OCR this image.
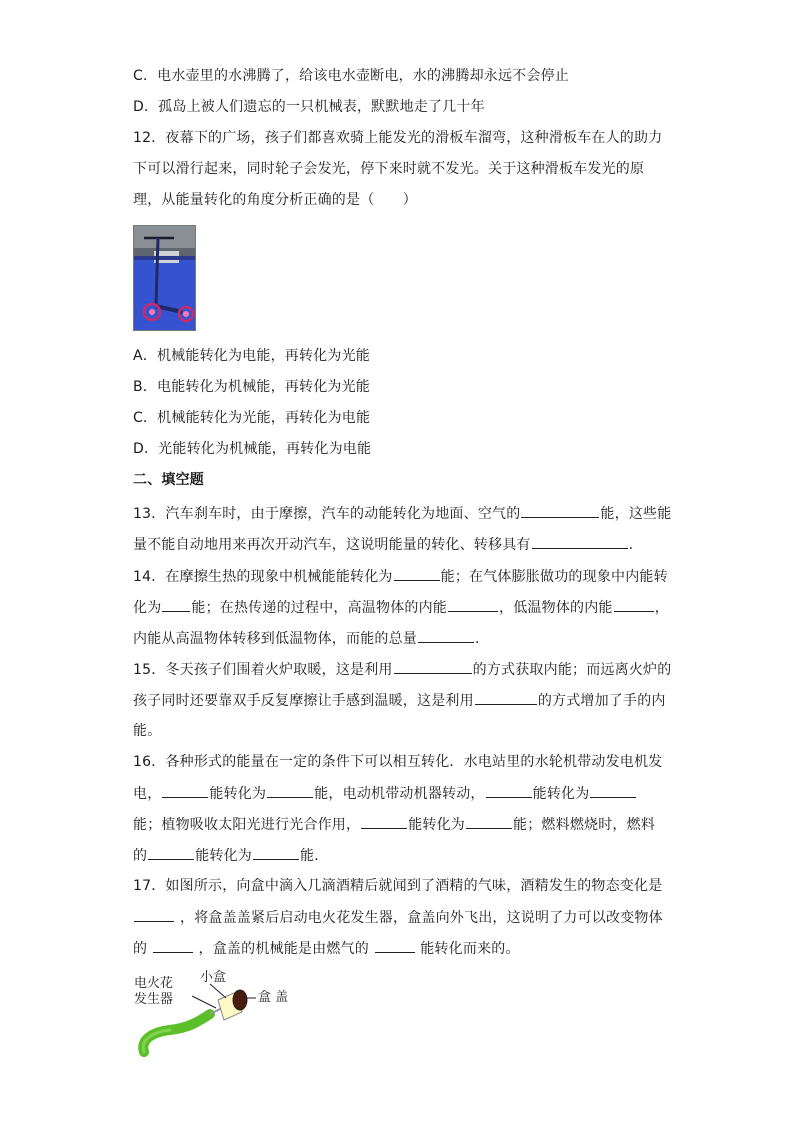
C．电水壶里的水沸腾了，给该电水壶断电，水的沸腾却永远不会停止
D．孤岛上被人们遗忘的一只机械表，默默地走了几十年
12．夜幕下的广场，孩子们都喜欢骑上能发光的滑板车溜弯，这种滑板车在人的助力
下可以滑行起来，同时轮子会发光，停下来时就不发光。关于这种滑板车发光的原
理，从能量转化的角度分析正确的是（　　）
A．机械能转化为电能，再转化为光能
B．电能转化为机械能，再转化为光能
C．机械能转化为光能，再转化为电能
D．光能转化为机械能，再转化为电能
二、填空题
13．汽车刹车时，由于摩擦，汽车的动能转化为地面、空气的	能，这些能
量不能自动地用来再次开动汽车，这说明能量的转化、转移具有	.
14．在摩擦生热的现象中机械能能转化为	能；在气体膨胀做功的现象中内能转
化为 能；在热传递的过程中，高温物体的内能	，低温物体的内能	，
内能从高温物体转移到低温物体，而能的总量	.
15．冬天孩子们围着火炉取暖，这是利用	的方式获取内能；而远离火炉的
孩子同时还要靠双手反复摩擦让手感到温暖，这是利用	的方式增加了手的内
能。
16．各种形式的能量在一定的条件下可以相互转化．水电站里的水轮机带动发电机发
电，	能转化为	能，电动机带动机器转动，	能转化为
能；植物吸收太阳光进行光合作用，	能转化为	能；燃料燃烧时，燃料
的	能转化为	能.
17．如图所示，向盒中滴入几滴酒精后就闻到了酒精的气味，酒精发生的物态变化是
，将盒盖盖紧后启动电火花发生器，盒盖向外飞出，这说明了力可以改变物体
的	，盒盖的机械能是由燃气的	能转化而来的。
电火花
发生器
小盒
盒 盖
